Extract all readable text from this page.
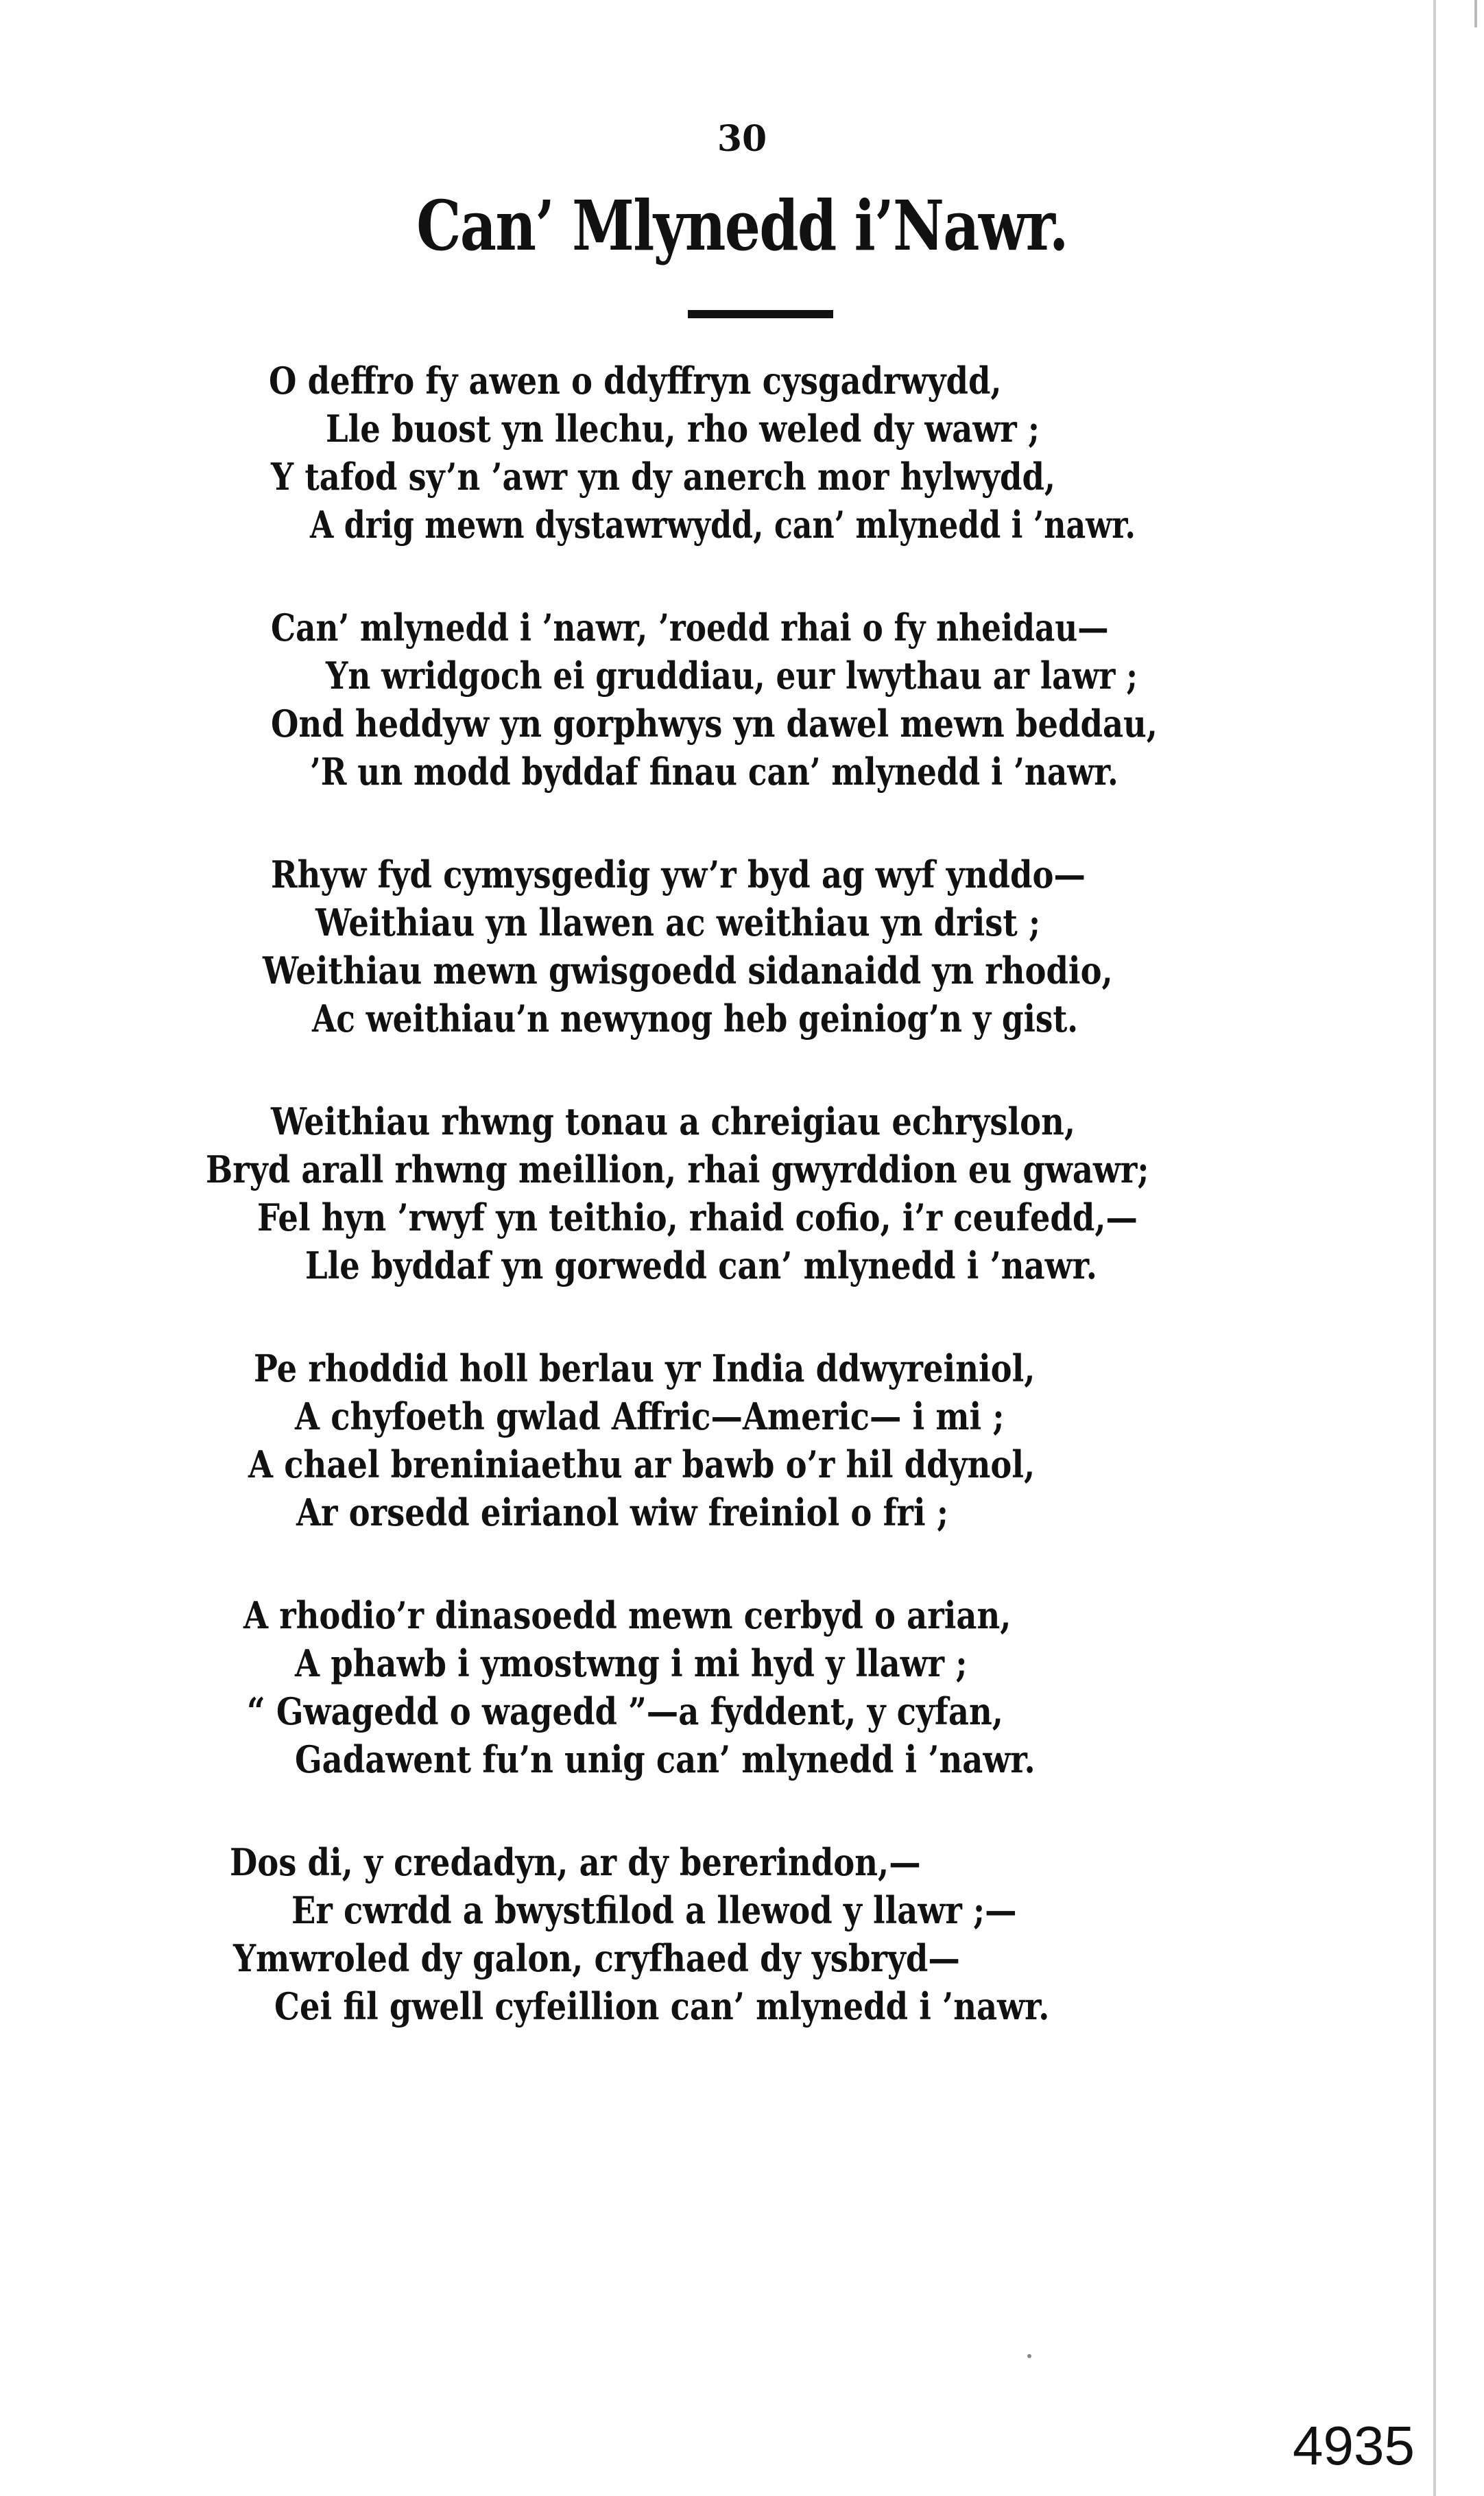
30
Can’ Mlynedd i’Nawr.
O deffro fy awen o ddyffryn cysgadrwydd,
Lle buost yn llechu, rho weled dy wawr ;
Y tafod sy’n ’awr yn dy anerch mor hylwydd,
A drig mewn dystawrwydd, can’ mlynedd i ’nawr.
Can’ mlynedd i ’nawr, ’roedd rhai o fy nheidau—
Yn wridgoch ei gruddiau, eur lwythau ar lawr ;
Ond heddyw yn gorphwys yn dawel mewn beddau,
’R un modd byddaf finau can’ mlynedd i ’nawr.
Rhyw fyd cymysgedig yw’r byd ag wyf ynddo—
Weithiau yn llawen ac weithiau yn drist ;
Weithiau mewn gwisgoedd sidanaidd yn rhodio,
Ac weithiau’n newynog heb geiniog’n y gist.
Weithiau rhwng tonau a chreigiau echryslon,
Bryd arall rhwng meillion, rhai gwyrddion eu gwawr;
Fel hyn ’rwyf yn teithio, rhaid cofio, i’r ceufedd,—
Lle byddaf yn gorwedd can’ mlynedd i ’nawr.
Pe rhoddid holl berlau yr India ddwyreiniol,
A chyfoeth gwlad Affric—Americ— i mi ;
A chael breniniaethu ar bawb o’r hil ddynol,
Ar orsedd eirianol wiw freiniol o fri ;
A rhodio’r dinasoedd mewn cerbyd o arian,
A phawb i ymostwng i mi hyd y llawr ;
“ Gwagedd o wagedd ”—a fyddent, y cyfan,
Gadawent fu’n unig can’ mlynedd i ’nawr.
Dos di, y credadyn, ar dy bererindon,—
Er cwrdd a bwystfilod a llewod y llawr ;—
Ymwroled dy galon, cryfhaed dy ysbryd—
Cei fil gwell cyfeillion can’ mlynedd i ’nawr.
4935
